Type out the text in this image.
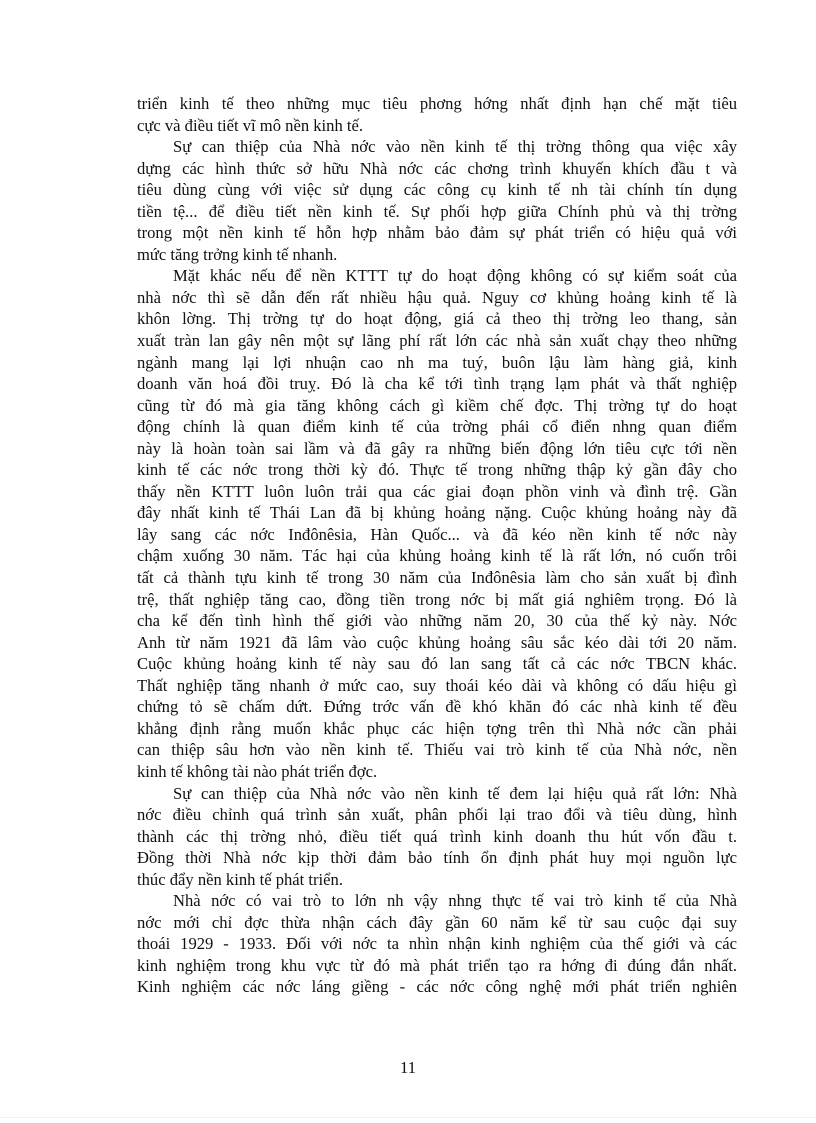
triển kinh tế theo những mục tiêu phơng hớng nhất định hạn chế mặt tiêu
cực và điều tiết vĩ mô nền kinh tế.
Sự can thiệp của Nhà nớc vào nền kinh tế thị trờng thông qua việc xây
dựng các hình thức sở hữu Nhà nớc các chơng trình khuyến khích đầu t và
tiêu dùng cùng với việc sử dụng các công cụ kinh tế nh tài chính tín dụng
tiền tệ... để điều tiết nền kinh tế. Sự phối hợp giữa Chính phủ và thị trờng
trong một nền kinh tế hỗn hợp nhằm bảo đảm sự phát triển có hiệu quả với
mức tăng trởng kinh tế nhanh.
Mặt khác nếu để nền KTTT tự do hoạt động không có sự kiểm soát của
nhà nớc thì sẽ dẫn đến rất nhiều hậu quả. Nguy cơ khủng hoảng kinh tế là
khôn lờng. Thị trờng tự do hoạt động, giá cả theo thị trờng leo thang, sản
xuất tràn lan gây nên một sự lãng phí rất lớn các nhà sản xuất chạy theo những
ngành mang lại lợi nhuận cao nh ma tuý, buôn lậu làm hàng giả, kinh
doanh văn hoá đồi truỵ. Đó là cha kể tới tình trạng lạm phát và thất nghiệp
cũng từ đó mà gia tăng không cách gì kiềm chế đợc. Thị trờng tự do hoạt
động chính là quan điểm kinh tế của trờng phái cổ điển nhng quan điểm
này là hoàn toàn sai lầm và đã gây ra những biến động lớn tiêu cực tới nền
kinh tế các nớc trong thời kỳ đó. Thực tế trong những thập kỷ gần đây cho
thấy nền KTTT luôn luôn trải qua các giai đoạn phồn vinh và đình trệ. Gần
đây nhất kinh tế Thái Lan đã bị khủng hoảng nặng. Cuộc khủng hoảng này đã
lây sang các nớc Inđônêsia, Hàn Quốc... và đã kéo nền kinh tế nớc này
chậm xuống 30 năm. Tác hại của khủng hoảng kinh tế là rất lớn, nó cuốn trôi
tất cả thành tựu kinh tế trong 30 năm của Inđônêsia làm cho sản xuất bị đình
trệ, thất nghiệp tăng cao, đồng tiền trong nớc bị mất giá nghiêm trọng. Đó là
cha kể đến tình hình thế giới vào những năm 20, 30 của thế kỷ này. Nớc
Anh từ năm 1921 đã lâm vào cuộc khủng hoảng sâu sắc kéo dài tới 20 năm.
Cuộc khủng hoảng kinh tế này sau đó lan sang tất cả các nớc TBCN khác.
Thất nghiệp tăng nhanh ở mức cao, suy thoái kéo dài và không có dấu hiệu gì
chứng tỏ sẽ chấm dứt. Đứng trớc vấn đề khó khăn đó các nhà kinh tế đều
khẳng định rằng muốn khắc phục các hiện tợng trên thì Nhà nớc cần phải
can thiệp sâu hơn vào nền kinh tế. Thiếu vai trò kinh tế của Nhà nớc, nền
kinh tế không tài nào phát triển đợc.
Sự can thiệp của Nhà nớc vào nền kinh tế đem lại hiệu quả rất lớn: Nhà
nớc điều chỉnh quá trình sản xuất, phân phối lại trao đổi và tiêu dùng, hình
thành các thị trờng nhỏ, điều tiết quá trình kinh doanh thu hút vốn đầu t.
Đồng thời Nhà nớc kịp thời đảm bảo tính ổn định phát huy mọi nguồn lực
thúc đẩy nền kinh tế phát triển.
Nhà nớc có vai trò to lớn nh vậy nhng thực tế vai trò kinh tế của Nhà
nớc mới chỉ đợc thừa nhận cách đây gần 60 năm kể từ sau cuộc đại suy
thoái 1929 - 1933. Đối với nớc ta nhìn nhận kinh nghiệm của thế giới và các
kinh nghiệm trong khu vực từ đó mà phát triển tạo ra hớng đi đúng đắn nhất.
Kinh nghiệm các nớc láng giềng - các nớc công nghệ mới phát triển nghiên
11
